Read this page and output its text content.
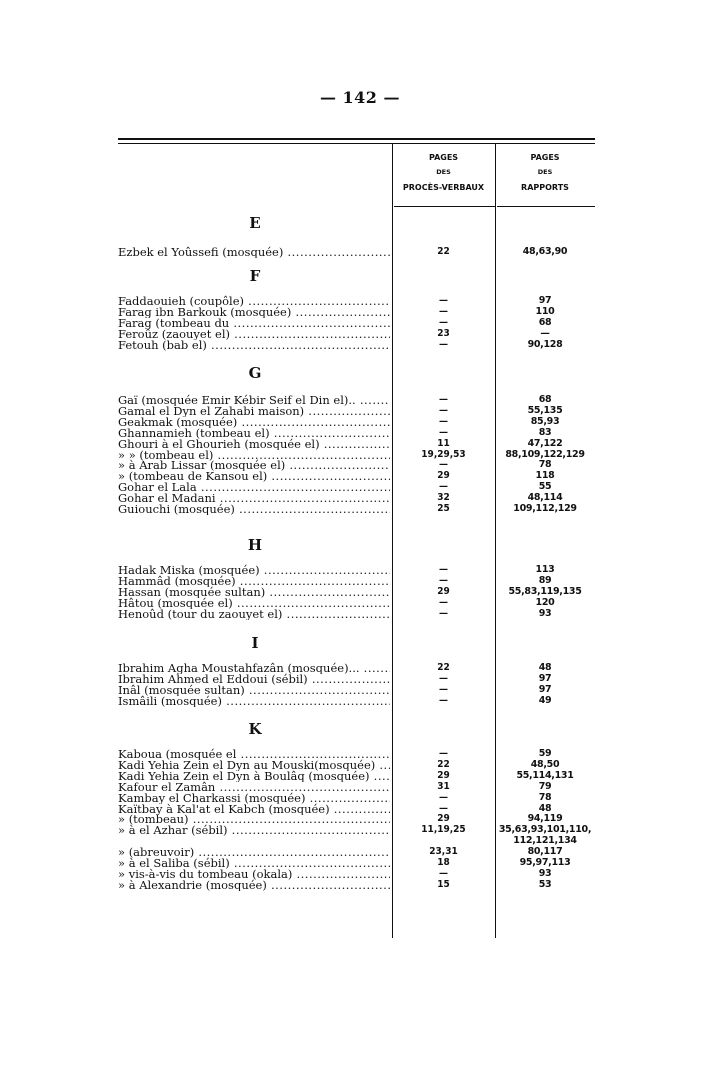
— 142 —
PAGES
DES
PROCÈS-VERBAUX
PAGES
DES
RAPPORTS
E
Ezbek el Yoûssefi (mosquée) .....	22	48,63,90
F
Faddaouieh (coupôle) .....	—	97
Farag ibn Barkouk (mosquée) .....	—	110
Farag (tombeau du .....	—	68
Feroûz (zaouyet el) .....	23	—
Fetouh (bab el) .....	—	90,128
G
Gaï (mosquée Emir Kébir Seif el Din el).. .....	—	68
Gamal el Dyn el Zahabi maison) .....	—	55,135
Geakmak (mosquée) .....	—	85,93
Ghannamieh (tombeau el) .....	—	83
Ghouri à el Ghourieh (mosquée el) .....	11	47,122
» » (tombeau el) .....	19,29,53	88,109,122,129
» à Arab Lissar (mosquée el) .....	—	78
» (tombeau de Kansou el) .....	29	118
Gohar el Lala .....	—	55
Gohar el Madani .....	32	48,114
Guiouchi (mosquée) .....	25	109,112,129
H
Hadak Miska (mosquée) .....	—	113
Hammâd (mosquée) .....	—	89
Hassan (mosquée sultan) .....	29	55,83,119,135
Hâtou (mosquée el) .....	—	120
Henoûd (tour du zaouyet el) .....	—	93
I
Ibrahim Agha Moustahfazân (mosquée)... .....	22	48
Ibrahim Ahmed el Eddoui (sébil) .....	—	97
Inâl (mosquée sultan) .....	—	97
Ismâili (mosquée) .....	—	49
K
Kaboua (mosquée el .....	—	59
Kadi Yehia Zein el Dyn au Mouski(mosquée) .....	22	48,50
Kadi Yehia Zein el Dyn à Boulâq (mosquée) .....	29	55,114,131
Kafour el Zamân .....	31	79
Kambay el Charkassi (mosquée) .....	—	78
Kaïtbay à Kal'at el Kabch (mosquée) .....	—	48
» (tombeau) .....	29	94,119
» à el Azhar (sébil) .....	11,19,25	35,63,93,101,110,
112,121,134
» (abreuvoir) .....	23,31	80,117
» à el Saliba (sébil) .....	18	95,97,113
» vis-à-vis du tombeau (okala) .....	—	93
» à Alexandrie (mosquée) .....	15	53
